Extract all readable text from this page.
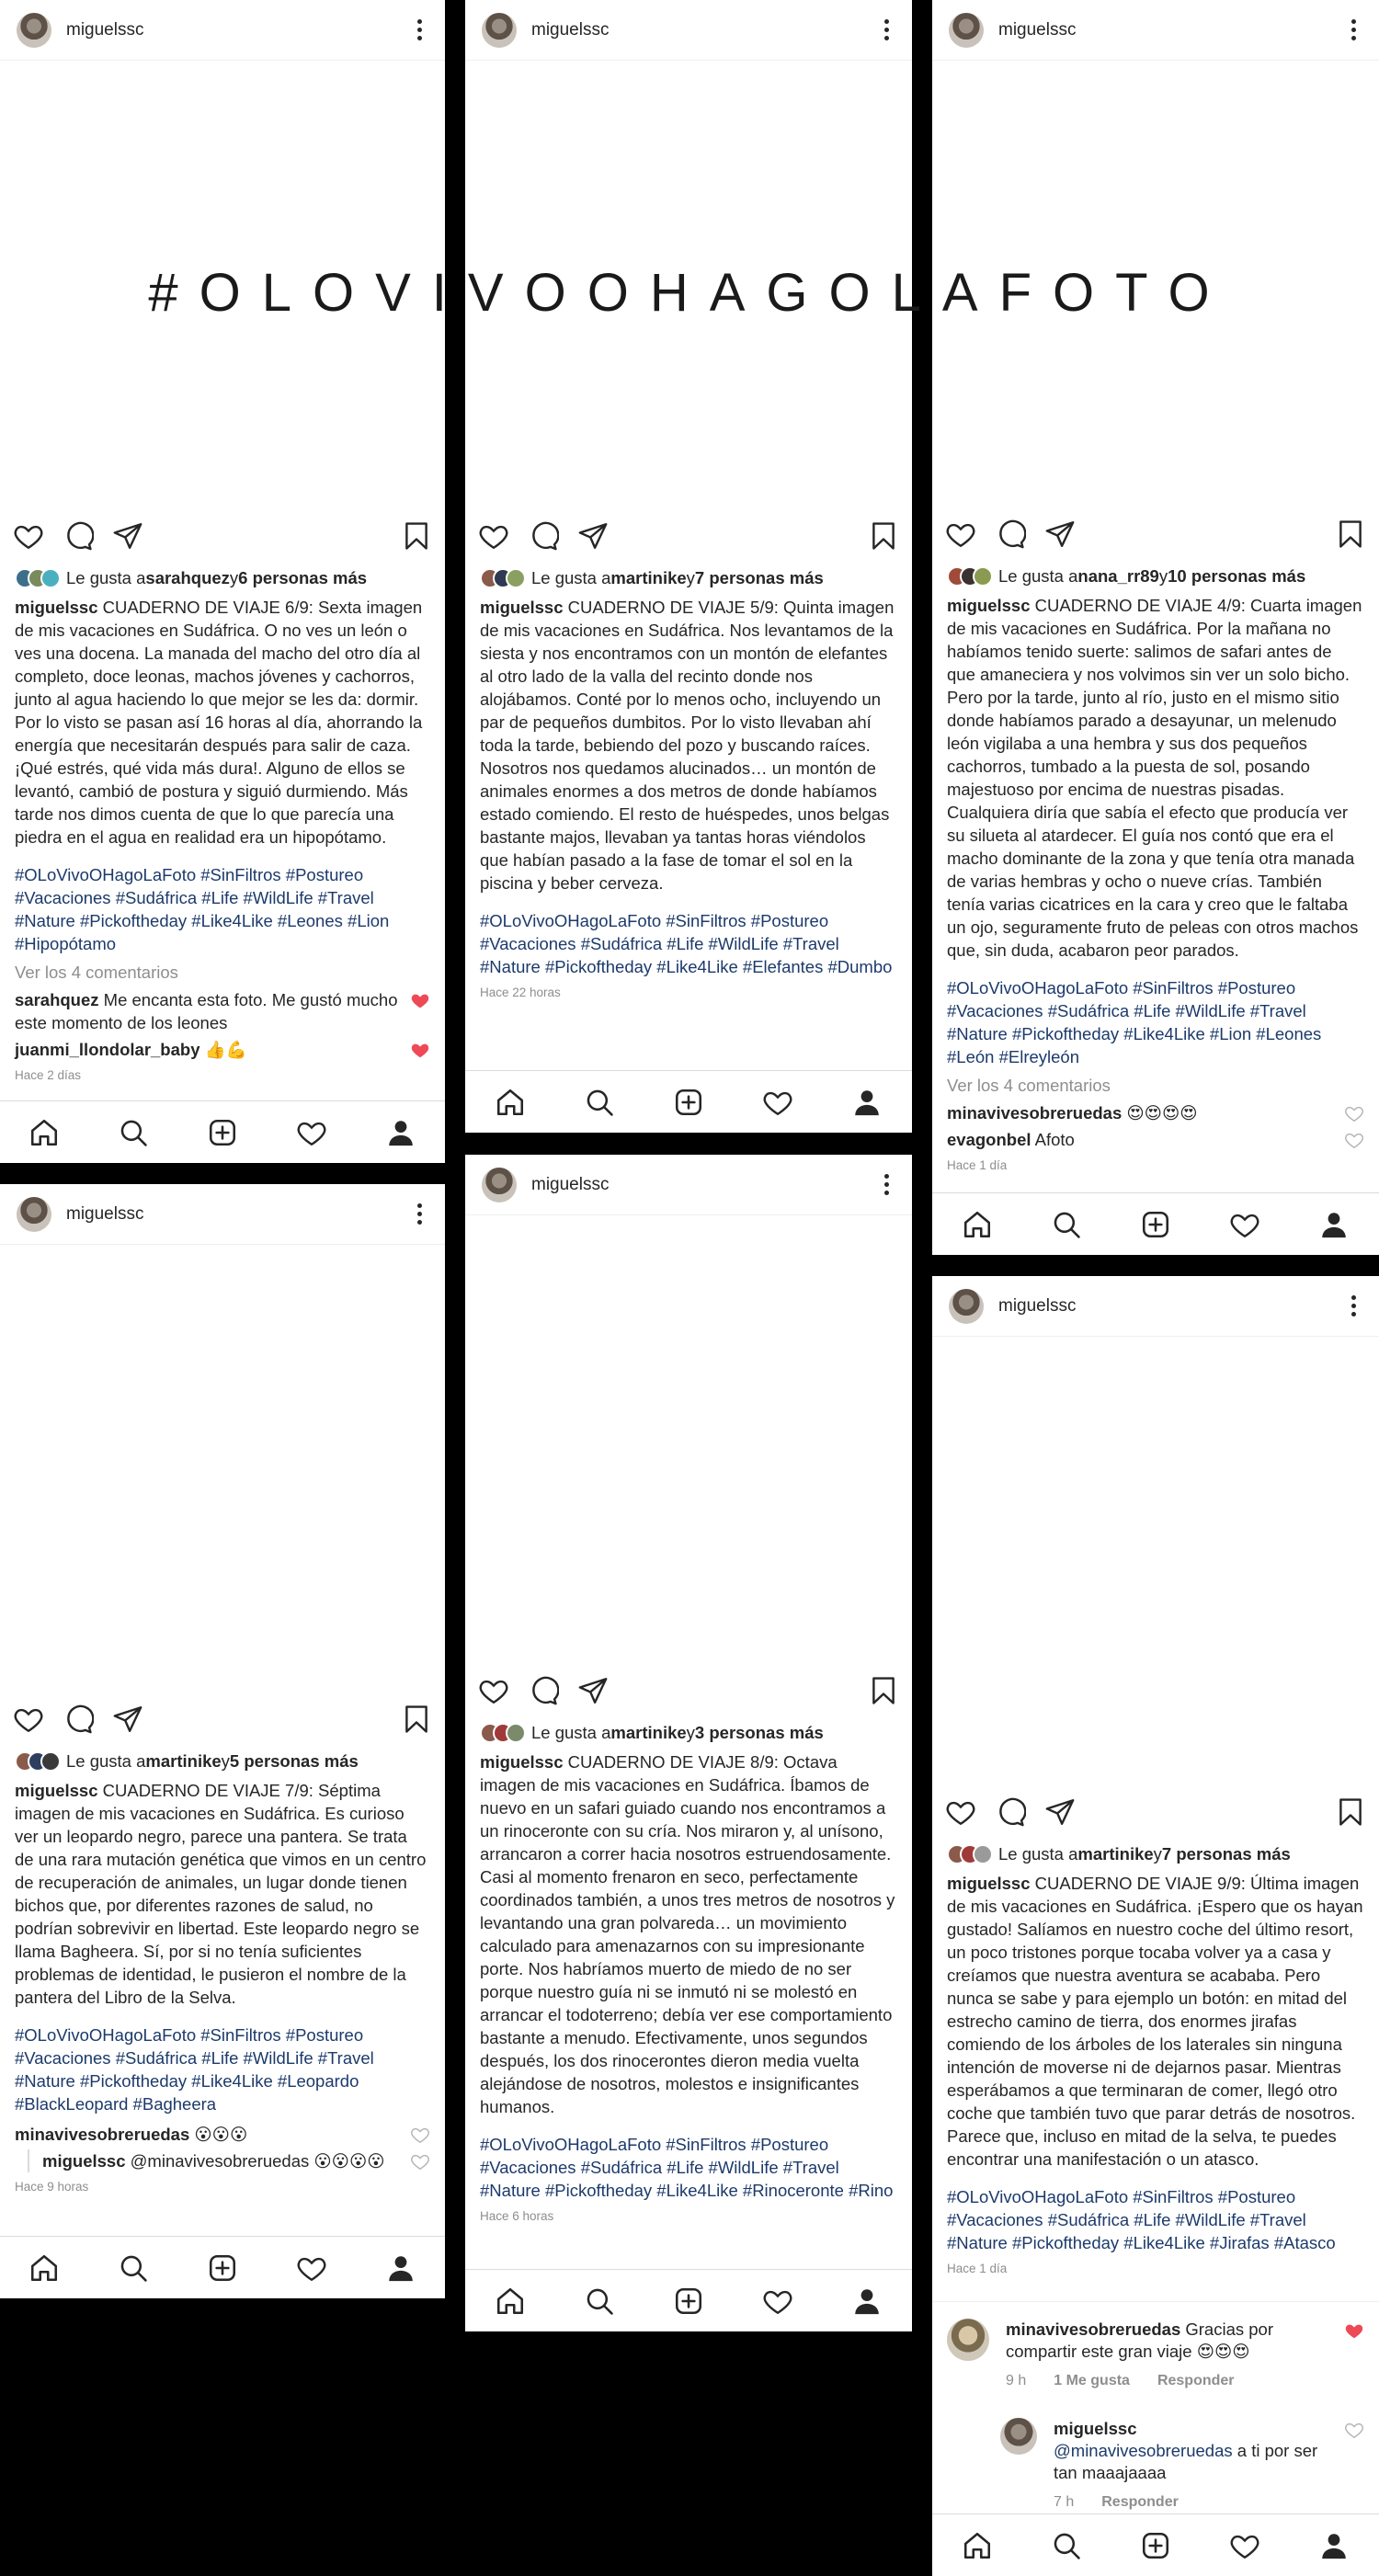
#OLOVIVOOHAGOLAFOTO
miguelssc
Le gusta a sarahquez y 6 personas más
miguelssc CUADERNO DE VIAJE 6/9: Sexta imagen de mis vacaciones en Sudáfrica. O no ves un león o ves una docena. La manada del macho del otro día al completo, doce leonas, machos jóvenes y cachorros, junto al agua haciendo lo que mejor se les da: dormir. Por lo visto se pasan así 16 horas al día, ahorrando la energía que necesitarán después para salir de caza. ¡Qué estrés, qué vida más dura!. Alguno de ellos se levantó, cambió de postura y siguió durmiendo. Más tarde nos dimos cuenta de que lo que parecía una piedra en el agua en realidad era un hipopótamo.
#OLoVivoOHagoLaFoto #SinFiltros #Postureo #Vacaciones #Sudáfrica #Life #WildLife #Travel #Nature #Pickoftheday #Like4Like #Leones #Lion #Hipopótamo
Ver los 4 comentarios
sarahquez Me encanta esta foto. Me gustó mucho este momento de los leones
juanmi_llondolar_baby 👍💪
Hace 2 días
miguelssc
Le gusta a martinike y 7 personas más
miguelssc CUADERNO DE VIAJE 5/9: Quinta imagen de mis vacaciones en Sudáfrica. Nos levantamos de la siesta y nos encontramos con un montón de elefantes al otro lado de la valla del recinto donde nos alojábamos. Conté por lo menos ocho, incluyendo un par de pequeños dumbitos. Por lo visto llevaban ahí toda la tarde, bebiendo del pozo y buscando raíces. Nosotros nos quedamos alucinados… un montón de animales enormes a dos metros de donde habíamos estado comiendo. El resto de huéspedes, unos belgas bastante majos, llevaban ya tantas horas viéndolos que habían pasado a la fase de tomar el sol en la piscina y beber cerveza.
#OLoVivoOHagoLaFoto #SinFiltros #Postureo #Vacaciones #Sudáfrica #Life #WildLife #Travel #Nature #Pickoftheday #Like4Like #Elefantes #Dumbo
Hace 22 horas
miguelssc
Le gusta a nana_rr89 y 10 personas más
miguelssc CUADERNO DE VIAJE 4/9: Cuarta imagen de mis vacaciones en Sudáfrica. Por la mañana no habíamos tenido suerte: salimos de safari antes de que amaneciera y nos volvimos sin ver un solo bicho. Pero por la tarde, junto al río, justo en el mismo sitio donde habíamos parado a desayunar, un melenudo león vigilaba a una hembra y sus dos pequeños cachorros, tumbado a la puesta de sol, posando majestuoso por encima de nuestras pisadas. Cualquiera diría que sabía el efecto que producía ver su silueta al atardecer. El guía nos contó que era el macho dominante de la zona y que tenía otra manada de varias hembras y ocho o nueve crías. También tenía varias cicatrices en la cara y creo que le faltaba un ojo, seguramente fruto de peleas con otros machos que, sin duda, acabaron peor parados.
#OLoVivoOHagoLaFoto #SinFiltros #Postureo #Vacaciones #Sudáfrica #Life #WildLife #Travel #Nature #Pickoftheday #Like4Like #Lion #Leones #León #Elreyleón
Ver los 4 comentarios
minavivesobreruedas 😍😍😍😍
evagonbel Afoto
Hace 1 día
miguelssc
Le gusta a martinike y 5 personas más
miguelssc CUADERNO DE VIAJE 7/9: Séptima imagen de mis vacaciones en Sudáfrica. Es curioso ver un leopardo negro, parece una pantera. Se trata de una rara mutación genética que vimos en un centro de recuperación de animales, un lugar donde tienen bichos que, por diferentes razones de salud, no podrían sobrevivir en libertad. Este leopardo negro se llama Bagheera. Sí, por si no tenía suficientes problemas de identidad, le pusieron el nombre de la pantera del Libro de la Selva.
#OLoVivoOHagoLaFoto #SinFiltros #Postureo #Vacaciones #Sudáfrica #Life #WildLife #Travel #Nature #Pickoftheday #Like4Like #Leopardo #BlackLeopard #Bagheera
minavivesobreruedas 😮😮😮
miguelssc @minavivesobreruedas 😮😮😮😮
Hace 9 horas
miguelssc
Le gusta a martinike y 3 personas más
miguelssc CUADERNO DE VIAJE 8/9: Octava imagen de mis vacaciones en Sudáfrica. Íbamos de nuevo en un safari guiado cuando nos encontramos a un rinoceronte con su cría. Nos miraron y, al unísono, arrancaron a correr hacia nosotros estruendosamente. Casi al momento frenaron en seco, perfectamente coordinados también, a unos tres metros de nosotros y levantando una gran polvareda… un movimiento calculado para amenazarnos con su impresionante porte. Nos habríamos muerto de miedo de no ser porque nuestro guía ni se inmutó ni se molestó en arrancar el todoterreno; debía ver ese comportamiento bastante a menudo. Efectivamente, unos segundos después, los dos rinocerontes dieron media vuelta alejándose de nosotros, molestos e insignificantes humanos.
#OLoVivoOHagoLaFoto #SinFiltros #Postureo #Vacaciones #Sudáfrica #Life #WildLife #Travel #Nature #Pickoftheday #Like4Like #Rinoceronte #Rino
Hace 6 horas
miguelssc
Le gusta a martinike y 7 personas más
miguelssc CUADERNO DE VIAJE 9/9: Última imagen de mis vacaciones en Sudáfrica. ¡Espero que os hayan gustado! Salíamos en nuestro coche del último resort, un poco tristones porque tocaba volver ya a casa y creíamos que nuestra aventura se acababa. Pero nunca se sabe y para ejemplo un botón: en mitad del estrecho camino de tierra, dos enormes jirafas comiendo de los árboles de los laterales sin ninguna intención de moverse ni de dejarnos pasar. Mientras esperábamos a que terminaran de comer, llegó otro coche que también tuvo que parar detrás de nosotros. Parece que, incluso en mitad de la selva, te puedes encontrar una manifestación o un atasco.
#OLoVivoOHagoLaFoto #SinFiltros #Postureo #Vacaciones #Sudáfrica #Life #WildLife #Travel #Nature #Pickoftheday #Like4Like #Jirafas #Atasco
Hace 1 día
minavivesobreruedas Gracias por compartir este gran viaje 😍😍😍
9 h 1 Me gusta Responder
miguelssc
@minavivesobreruedas a ti por ser tan maaajaaaa
7 h Responder
